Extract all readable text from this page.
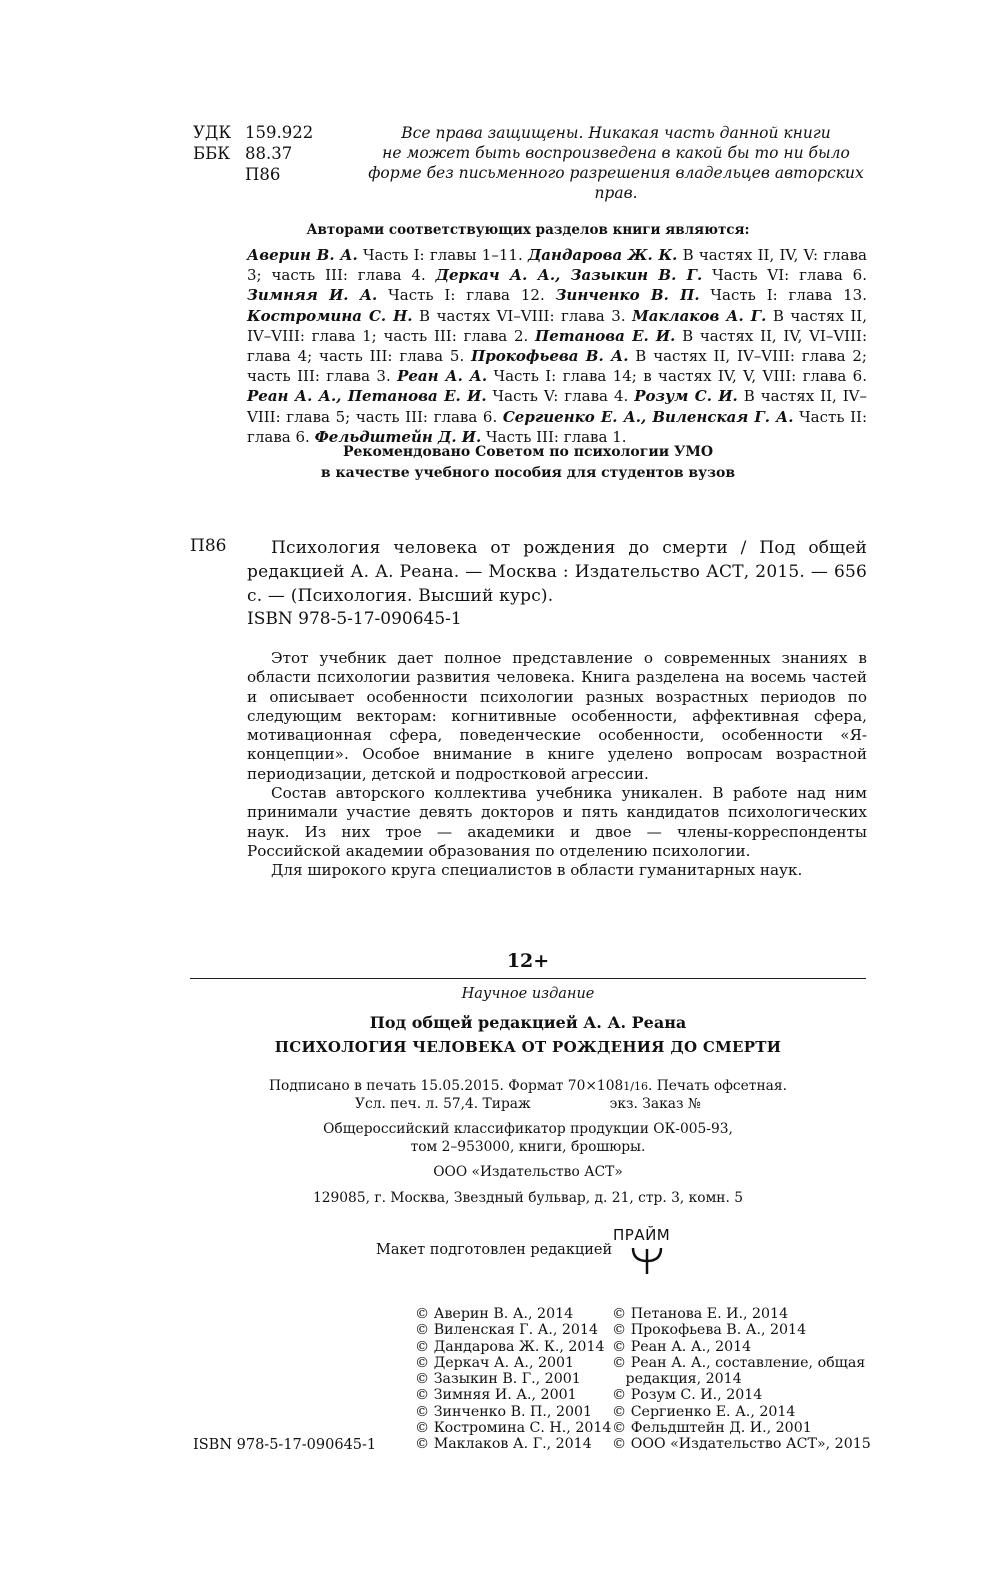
УДК 159.922
ББК 88.37
П86
Все права защищены. Никакая часть данной книги
не может быть воспроизведена в какой бы то ни было
форме без письменного разрешения владельцев авторских прав.
Авторами соответствующих разделов книги являются:
Аверин В. А. Часть I: главы 1–11. Дандарова Ж. К. В частях II, IV, V: глава 3; часть III: глава 4. Деркач А. А., Зазыкин В. Г. Часть VI: глава 6. Зимняя И. А. Часть I: глава 12. Зинченко В. П. Часть I: глава 13. Костромина С. Н. В частях VI–VIII: глава 3. Маклаков А. Г. В частях II, IV–VIII: глава 1; часть III: глава 2. Петанова Е. И. В частях II, IV, VI–VIII: глава 4; часть III: глава 5. Прокофьева В. А. В частях II, IV–VIII: глава 2; часть III: глава 3. Реан А. А. Часть I: глава 14; в частях IV, V, VIII: глава 6. Реан А. А., Петанова Е. И. Часть V: глава 4. Розум С. И. В частях II, IV–VIII: глава 5; часть III: глава 6. Сергиенко Е. А., Виленская Г. А. Часть II: глава 6. Фельдштейн Д. И. Часть III: глава 1.
Рекомендовано Советом по психологии УМО
в качестве учебного пособия для студентов вузов
П86	Психология человека от рождения до смерти / Под общей редакцией А. А. Реана. — Москва : Издательство АСТ, 2015. — 656 с. — (Психология. Высший курс).
ISBN 978-5-17-090645-1

Этот учебник дает полное представление о современных знаниях в области психологии развития человека. Книга разделена на восемь частей и описывает особенности психологии разных возрастных периодов по следующим векторам: когнитивные особенности, аффективная сфера, мотивационная сфера, поведенческие особенности, особенности «Я-концепции». Особое внимание в книге уделено вопросам возрастной периодизации, детской и подростковой агрессии.

Состав авторского коллектива учебника уникален. В работе над ним принимали участие девять докторов и пять кандидатов психологических наук. Из них трое — академики и двое — члены-корреспонденты Российской академии образования по отделению психологии.

Для широкого круга специалистов в области гуманитарных наук.

12+
Научное издание
Под общей редакцией А. А. Реана
ПСИХОЛОГИЯ ЧЕЛОВЕКА ОТ РОЖДЕНИЯ ДО СМЕРТИ
Подписано в печать 15.05.2015. Формат 70×1081/16. Печать офсетная.
Усл. печ. л. 57,4. Тираж                  экз. Заказ №
Общероссийский классификатор продукции ОК-005-93,
том 2–953000, книги, брошюры.
ООО «Издательство АСТ»
129085, г. Москва, Звездный бульвар, д. 21, стр. 3, комн. 5
Макет подготовлен редакцией
ПРАЙМ
© Аверин В. А., 2014
© Виленская Г. А., 2014
© Дандарова Ж. К., 2014
© Деркач А. А., 2001
© Зазыкин В. Г., 2001
© Зимняя И. А., 2001
© Зинченко В. П., 2001
© Костромина С. Н., 2014
© Маклаков А. Г., 2014
© Петанова Е. И., 2014
© Прокофьева В. А., 2014
© Реан А. А., 2014
© Реан А. А., составление, общая
редакция, 2014
© Розум С. И., 2014
© Сергиенко Е. А., 2014
© Фельдштейн Д. И., 2001
© ООО «Издательство АСТ», 2015
ISBN 978-5-17-090645-1
